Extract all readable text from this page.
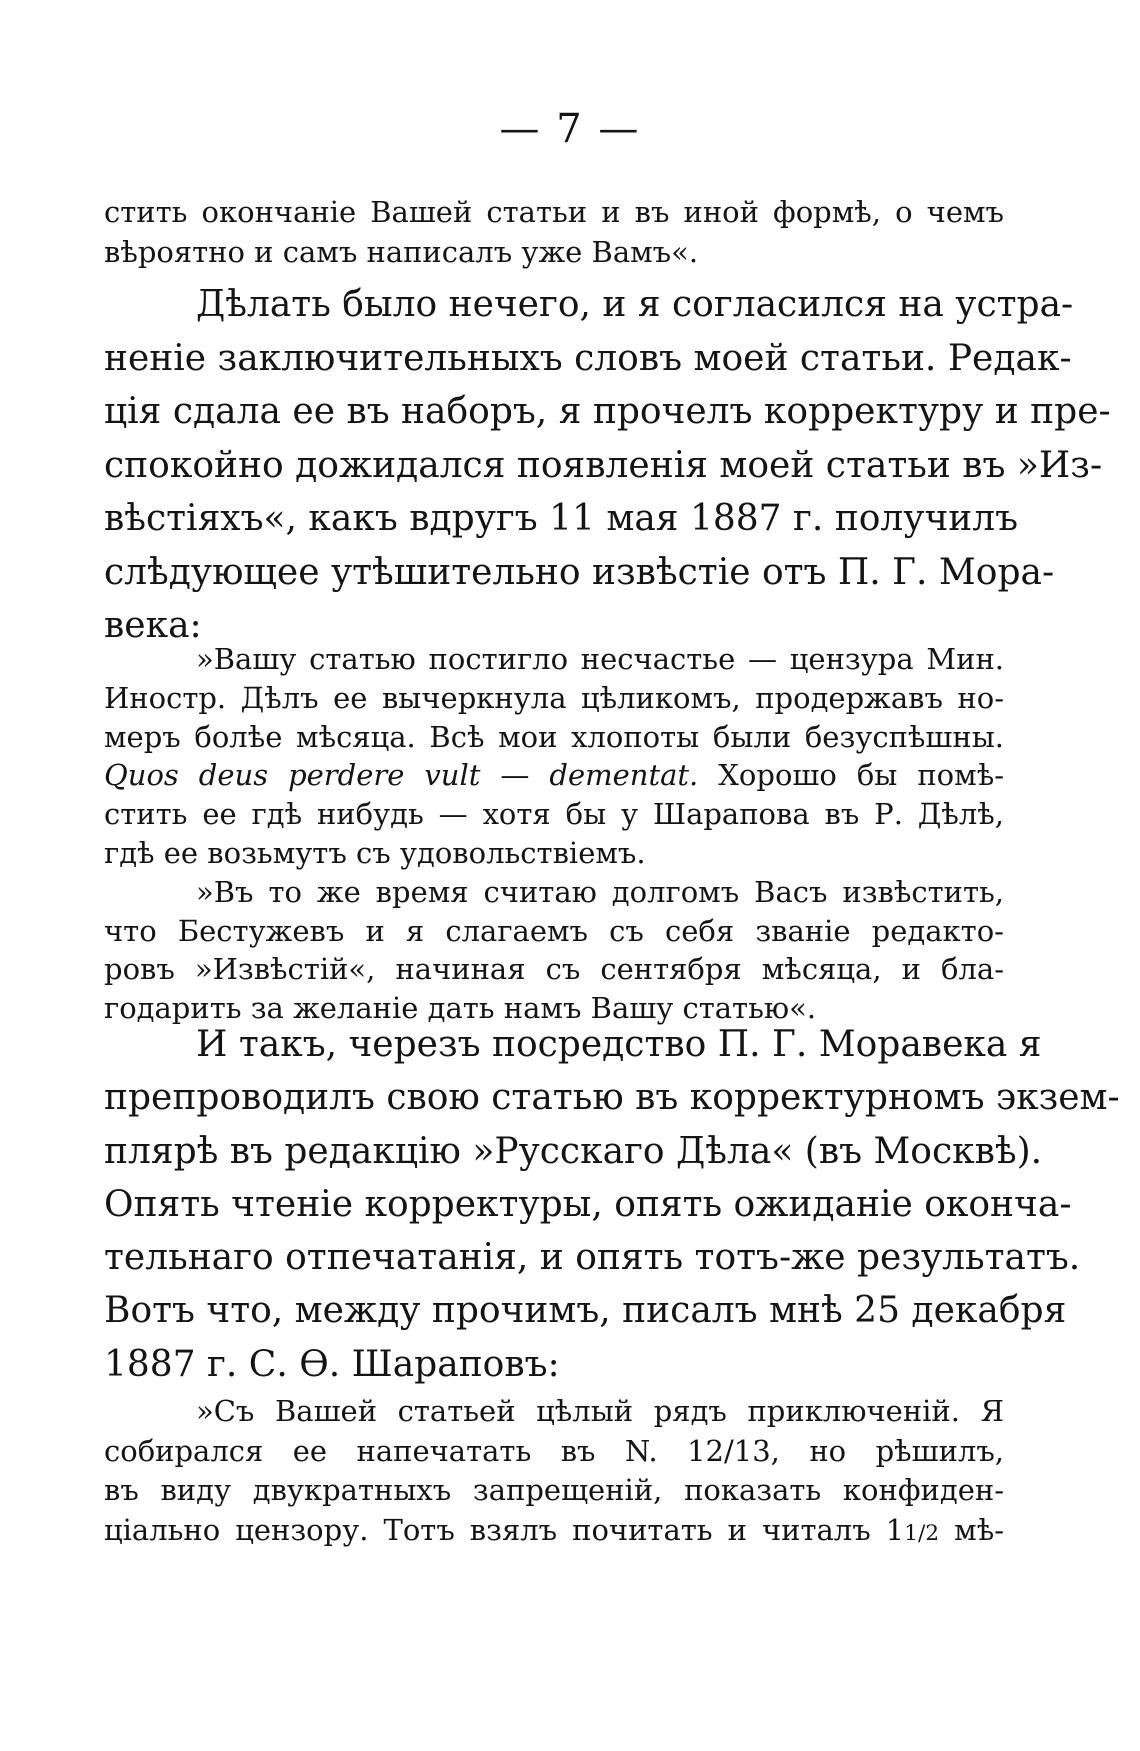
— 7 —
стить окончаніе Вашей статьи и въ иной формѣ, о чемъ
вѣроятно и самъ написалъ уже Вамъ«.
Дѣлать было нечего, и я согласился на устра-
неніе заключительныхъ словъ моей статьи. Редак-
ція сдала ее въ наборъ, я прочелъ корректуру и пре-
спокойно дожидался появленія моей статьи въ »Из-
вѣстіяхъ«, какъ вдругъ 11 мая 1887 г. получилъ
слѣдующее утѣшительно извѣстіе отъ П. Г. Мора-
века:
»Вашу статью постигло несчастье — цензура Мин.
Иностр. Дѣлъ ее вычеркнула цѣликомъ, продержавъ но-
меръ болѣе мѣсяца. Всѣ мои хлопоты были безуспѣшны.
Quos deus perdere vult — dementat. Хорошо бы помѣ-
стить ее гдѣ нибудь — хотя бы у Шарапова въ Р. Дѣлѣ,
гдѣ ее возьмутъ съ удовольствіемъ.
»Въ то же время считаю долгомъ Васъ извѣстить,
что Бестужевъ и я слагаемъ съ себя званіе редакто-
ровъ »Извѣстій«, начиная съ сентября мѣсяца, и бла-
годарить за желаніе дать намъ Вашу статью«.
И такъ, черезъ посредство П. Г. Моравека я
препроводилъ свою статью въ корректурномъ экзем-
плярѣ въ редакцію »Русскаго Дѣла« (въ Москвѣ).
Опять чтеніе корректуры, опять ожиданіе оконча-
тельнаго отпечатанія, и опять тотъ-же результатъ.
Вотъ что, между прочимъ, писалъ мнѣ 25 декабря
1887 г. С. Ѳ. Шараповъ:
»Съ Вашей статьей цѣлый рядъ приключеній. Я
собирался ее напечатать въ N. 12/13, но рѣшилъ,
въ виду двукратныхъ запрещеній, показать конфиден-
ціально цензору. Тотъ взялъ почитать и читалъ 11/2 мѣ-
